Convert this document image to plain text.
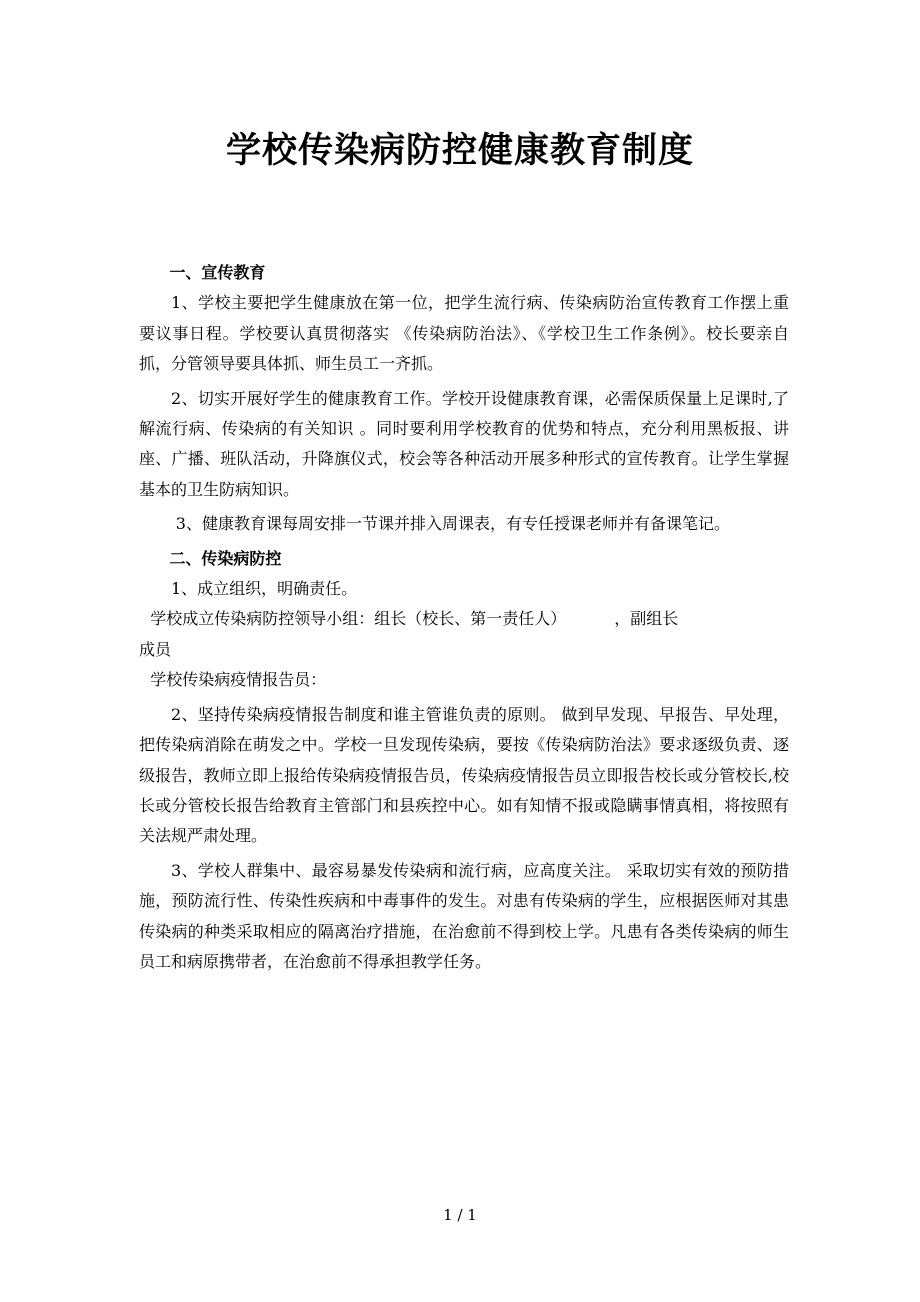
学校传染病防控健康教育制度

一、宣传教育

1、学校主要把学生健康放在第一位，把学生流行病、传染病防治宣传教育工作摆上重要议事日程。学校要认真贯彻落实 《传染病防治法》、《学校卫生工作条例》。校长要亲自抓，分管领导要具体抓、师生员工一齐抓。

2、切实开展好学生的健康教育工作。学校开设健康教育课，必需保质保量上足课时,了解流行病、传染病的有关知识 。同时要利用学校教育的优势和特点，充分利用黑板报、讲座、广播、班队活动，升降旗仪式，校会等各种活动开展多种形式的宣传教育。让学生掌握基本的卫生防病知识。

3、健康教育课每周安排一节课并排入周课表，有专任授课老师并有备课笔记。

二、传染病防控

1、成立组织，明确责任。

学校成立传染病防控领导小组：组长（校长、第一责任人）	，副组长

成员

学校传染病疫情报告员：

2、坚持传染病疫情报告制度和谁主管谁负责的原则。 做到早发现、早报告、早处理，把传染病消除在萌发之中。学校一旦发现传染病，要按《传染病防治法》要求逐级负责、逐级报告，教师立即上报给传染病疫情报告员，传染病疫情报告员立即报告校长或分管校长,校长或分管校长报告给教育主管部门和县疾控中心。如有知情不报或隐瞒事情真相，将按照有关法规严肃处理。

3、学校人群集中、最容易暴发传染病和流行病，应高度关注。 采取切实有效的预防措施，预防流行性、传染性疾病和中毒事件的发生。对患有传染病的学生，应根据医师对其患传染病的种类采取相应的隔离治疗措施，在治愈前不得到校上学。凡患有各类传染病的师生员工和病原携带者，在治愈前不得承担教学任务。

1 / 1
